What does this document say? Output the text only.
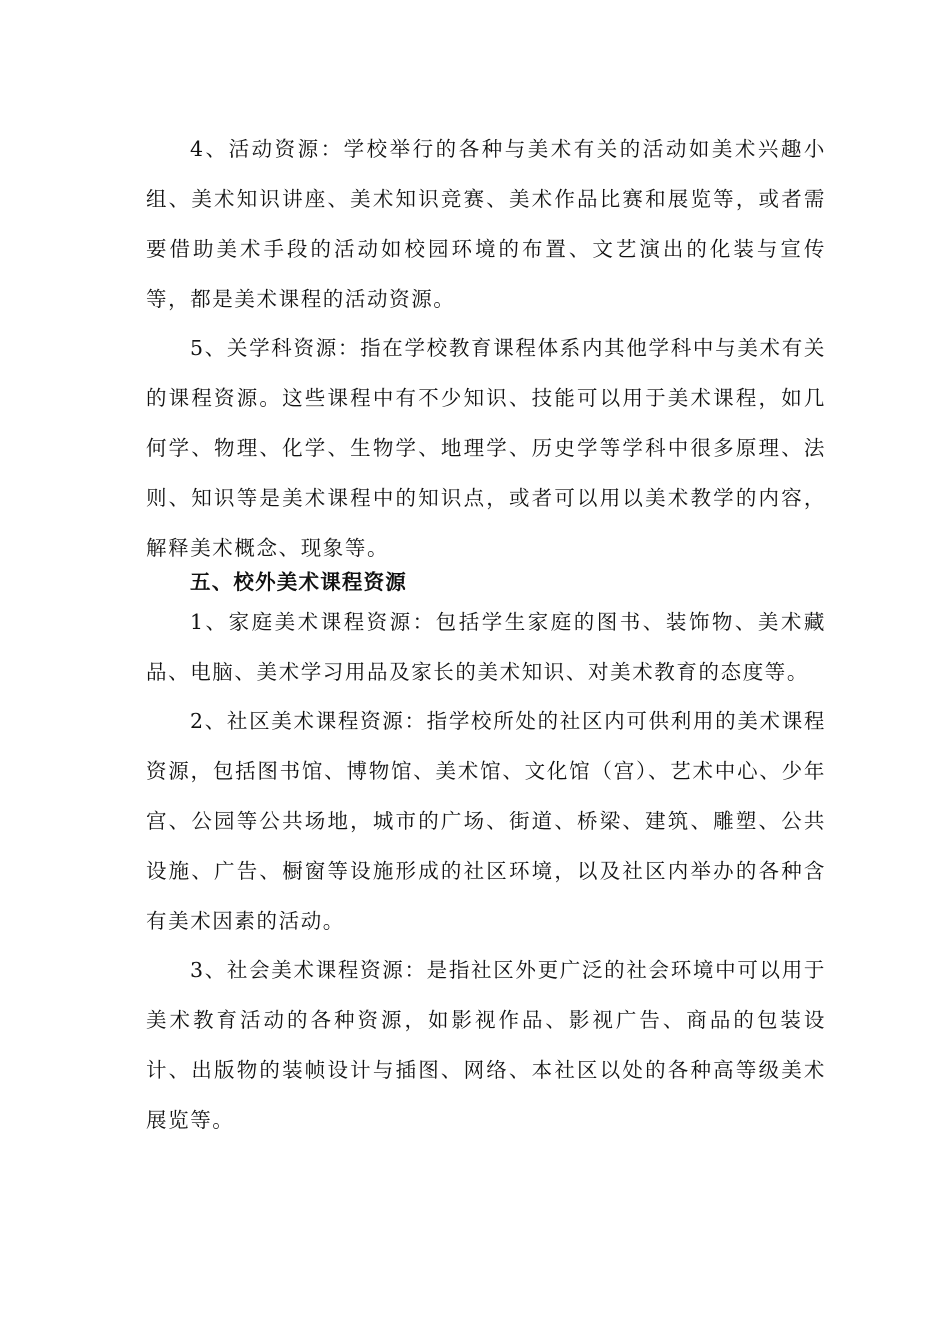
4、活动资源：学校举行的各种与美术有关的活动如美术兴趣小组、美术知识讲座、美术知识竞赛、美术作品比赛和展览等，或者需要借助美术手段的活动如校园环境的布置、文艺演出的化装与宣传等，都是美术课程的活动资源。

5、关学科资源：指在学校教育课程体系内其他学科中与美术有关的课程资源。这些课程中有不少知识、技能可以用于美术课程，如几何学、物理、化学、生物学、地理学、历史学等学科中很多原理、法则、知识等是美术课程中的知识点，或者可以用以美术教学的内容，解释美术概念、现象等。

五、校外美术课程资源

1、家庭美术课程资源：包括学生家庭的图书、装饰物、美术藏品、电脑、美术学习用品及家长的美术知识、对美术教育的态度等。

2、社区美术课程资源：指学校所处的社区内可供利用的美术课程资源，包括图书馆、博物馆、美术馆、文化馆（宫）、艺术中心、少年宫、公园等公共场地，城市的广场、街道、桥梁、建筑、雕塑、公共设施、广告、橱窗等设施形成的社区环境，以及社区内举办的各种含有美术因素的活动。

3、社会美术课程资源：是指社区外更广泛的社会环境中可以用于美术教育活动的各种资源，如影视作品、影视广告、商品的包装设计、出版物的装帧设计与插图、网络、本社区以处的各种高等级美术展览等。
